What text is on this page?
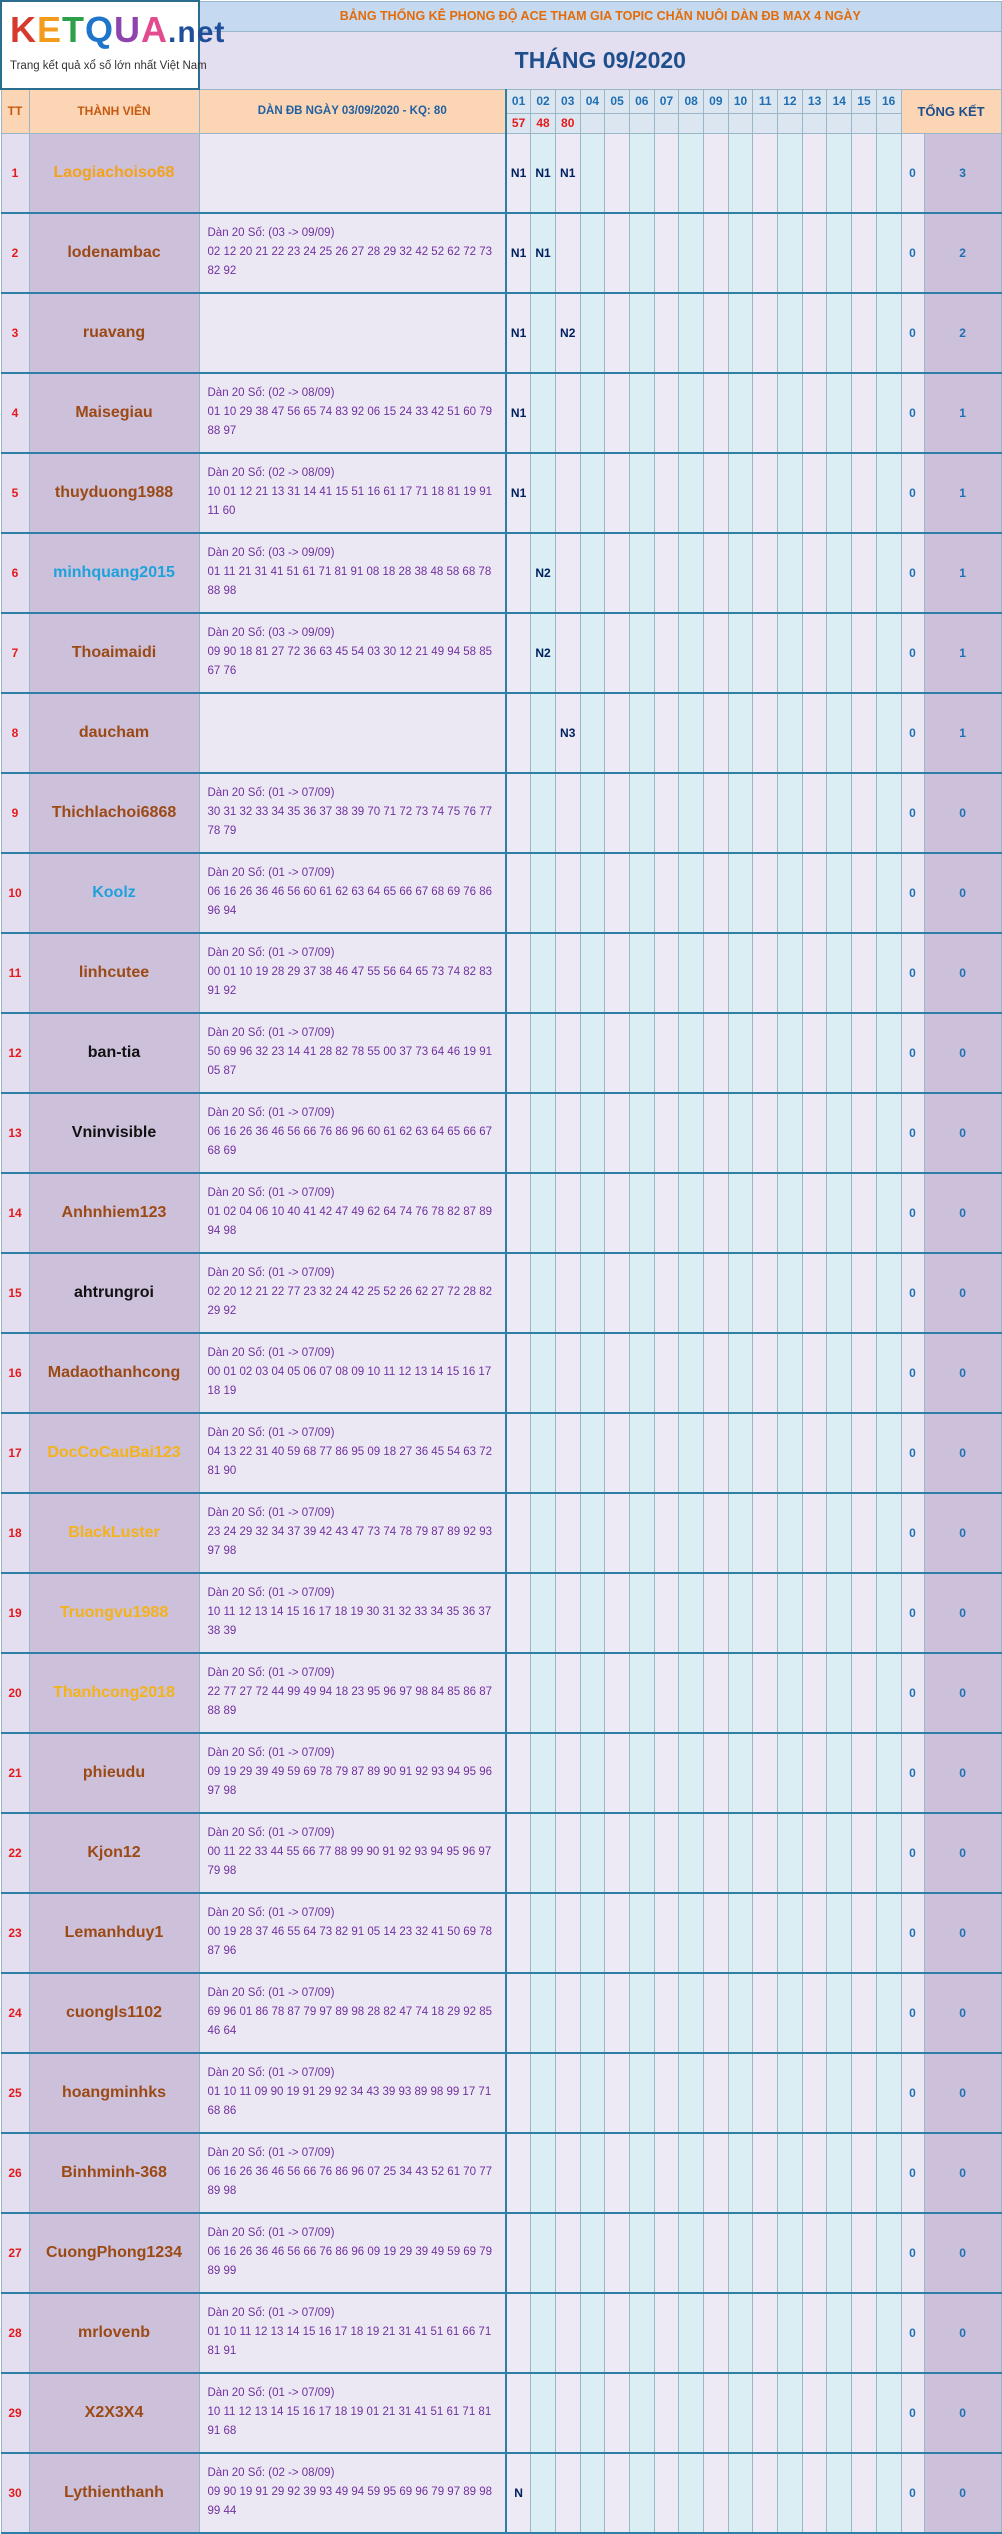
KETQUA.net
Trang kết quả xổ số lớn nhất Việt Nam		BẢNG THỐNG KÊ PHONG ĐỘ ACE THAM GIA TOPIC CHĂN NUÔI DÀN ĐB MAX 4 NGÀY																		
		THÁNG 09/2020																		
TT	THÀNH VIÊN	DÀN ĐB NGÀY 03/09/2020 - KQ: 80	01	02	03	04	05	06	07	08	09	10	11	12	13	14	15	16	TỔNG KẾT	
			57	48	80															
1	Laogiachoiso68		N1	N1	N1														0	3
2	lodenambac	Dàn 20 Số: (03 -> 09/09)
02 12 20 21 22 23 24 25 26 27 28 29 32 42 52 62 72 73 82 92	N1	N1															0	2
3	ruavang		N1		N2														0	2
4	Maisegiau	Dàn 20 Số: (02 -> 08/09)
01 10 29 38 47 56 65 74 83 92 06 15 24 33 42 51 60 79 88 97	N1																0	1
5	thuyduong1988	Dàn 20 Số: (02 -> 08/09)
10 01 12 21 13 31 14 41 15 51 16 61 17 71 18 81 19 91 11 60	N1																0	1
6	minhquang2015	Dàn 20 Số: (03 -> 09/09)
01 11 21 31 41 51 61 71 81 91 08 18 28 38 48 58 68 78 88 98		N2															0	1
7	Thoaimaidi	Dàn 20 Số: (03 -> 09/09)
09 90 18 81 27 72 36 63 45 54 03 30 12 21 49 94 58 85 67 76		N2															0	1
8	daucham				N3														0	1
9	Thichlachoi6868	Dàn 20 Số: (01 -> 07/09)
30 31 32 33 34 35 36 37 38 39 70 71 72 73 74 75 76 77 78 79																	0	0
10	Koolz	Dàn 20 Số: (01 -> 07/09)
06 16 26 36 46 56 60 61 62 63 64 65 66 67 68 69 76 86 96 94																	0	0
11	linhcutee	Dàn 20 Số: (01 -> 07/09)
00 01 10 19 28 29 37 38 46 47 55 56 64 65 73 74 82 83 91 92																	0	0
12	ban-tia	Dàn 20 Số: (01 -> 07/09)
50 69 96 32 23 14 41 28 82 78 55 00 37 73 64 46 19 91 05 87																	0	0
13	Vninvisible	Dàn 20 Số: (01 -> 07/09)
06 16 26 36 46 56 66 76 86 96 60 61 62 63 64 65 66 67 68 69																	0	0
14	Anhnhiem123	Dàn 20 Số: (01 -> 07/09)
01 02 04 06 10 40 41 42 47 49 62 64 74 76 78 82 87 89 94 98																	0	0
15	ahtrungroi	Dàn 20 Số: (01 -> 07/09)
02 20 12 21 22 77 23 32 24 42 25 52 26 62 27 72 28 82 29 92																	0	0
16	Madaothanhcong	Dàn 20 Số: (01 -> 07/09)
00 01 02 03 04 05 06 07 08 09 10 11 12 13 14 15 16 17 18 19																	0	0
17	DocCoCauBai123	Dàn 20 Số: (01 -> 07/09)
04 13 22 31 40 59 68 77 86 95 09 18 27 36 45 54 63 72 81 90																	0	0
18	BlackLuster	Dàn 20 Số: (01 -> 07/09)
23 24 29 32 34 37 39 42 43 47 73 74 78 79 87 89 92 93 97 98																	0	0
19	Truongvu1988	Dàn 20 Số: (01 -> 07/09)
10 11 12 13 14 15 16 17 18 19 30 31 32 33 34 35 36 37 38 39																	0	0
20	Thanhcong2018	Dàn 20 Số: (01 -> 07/09)
22 77 27 72 44 99 49 94 18 23 95 96 97 98 84 85 86 87 88 89																	0	0
21	phieudu	Dàn 20 Số: (01 -> 07/09)
09 19 29 39 49 59 69 78 79 87 89 90 91 92 93 94 95 96 97 98																	0	0
22	Kjon12	Dàn 20 Số: (01 -> 07/09)
00 11 22 33 44 55 66 77 88 99 90 91 92 93 94 95 96 97 79 98																	0	0
23	Lemanhduy1	Dàn 20 Số: (01 -> 07/09)
00 19 28 37 46 55 64 73 82 91 05 14 23 32 41 50 69 78 87 96																	0	0
24	cuongls1102	Dàn 20 Số: (01 -> 07/09)
69 96 01 86 78 87 79 97 89 98 28 82 47 74 18 29 92 85 46 64																	0	0
25	hoangminhks	Dàn 20 Số: (01 -> 07/09)
01 10 11 09 90 19 91 29 92 34 43 39 93 89 98 99 17 71 68 86																	0	0
26	Binhminh-368	Dàn 20 Số: (01 -> 07/09)
06 16 26 36 46 56 66 76 86 96 07 25 34 43 52 61 70 77 89 98																	0	0
27	CuongPhong1234	Dàn 20 Số: (01 -> 07/09)
06 16 26 36 46 56 66 76 86 96 09 19 29 39 49 59 69 79 89 99																	0	0
28	mrlovenb	Dàn 20 Số: (01 -> 07/09)
01 10 11 12 13 14 15 16 17 18 19 21 31 41 51 61 66 71 81 91																	0	0
29	X2X3X4	Dàn 20 Số: (01 -> 07/09)
10 11 12 13 14 15 16 17 18 19 01 21 31 41 51 61 71 81 91 68																	0	0
30	Lythienthanh	Dàn 20 Số: (02 -> 08/09)
09 90 19 91 29 92 39 93 49 94 59 95 69 96 79 97 89 98 99 44	N																0	0
